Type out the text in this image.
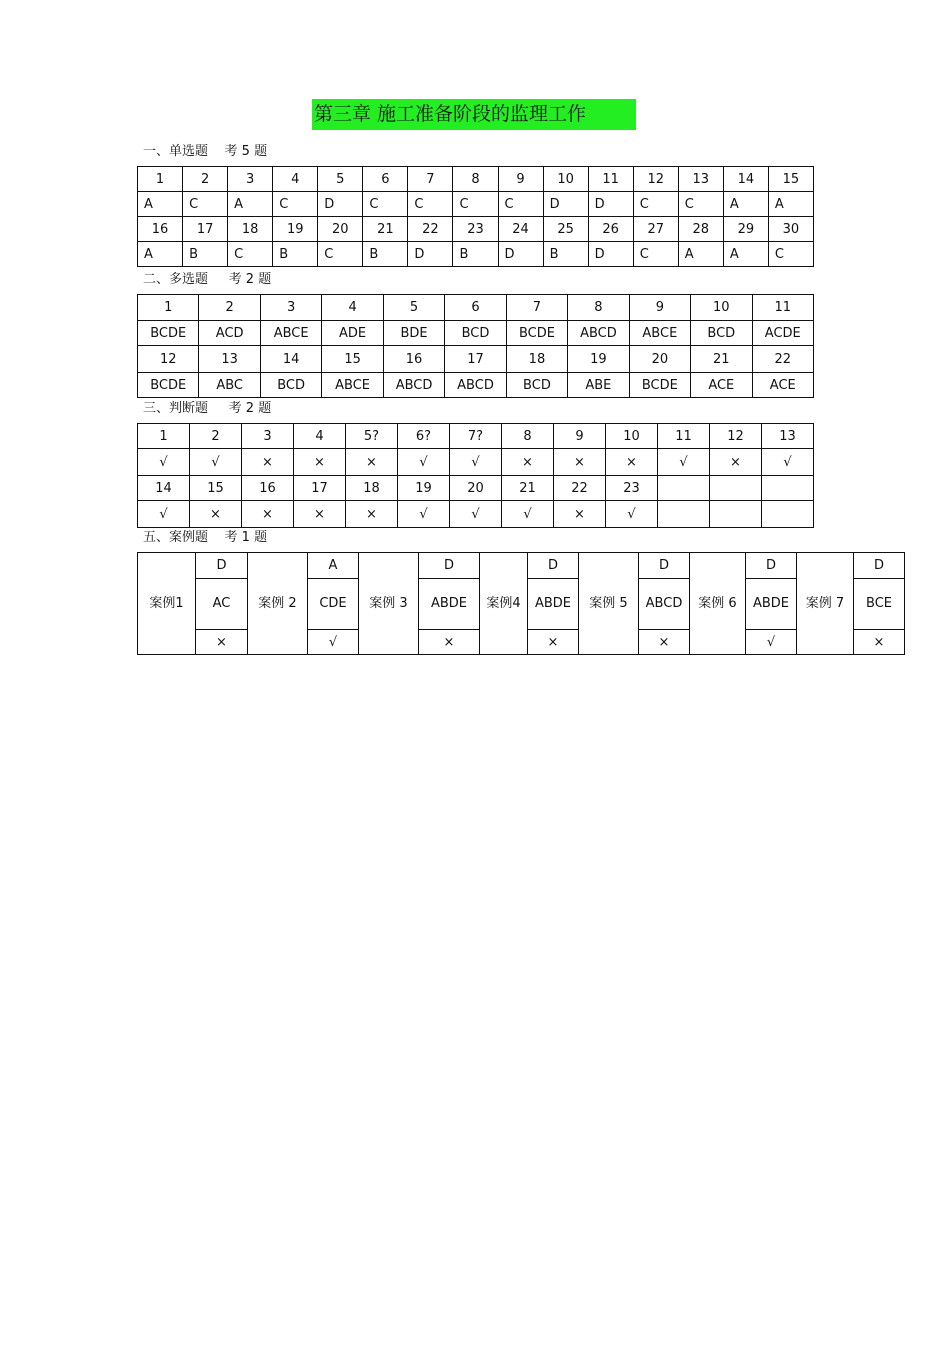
第三章 施工准备阶段的监理工作
一、单选题    考 5 题
1	2	3	4	5	6	7	8	9	10	11	12	13	14	15
A	C	A	C	D	C	C	C	C	D	D	C	C	A	A
16	17	18	19	20	21	22	23	24	25	26	27	28	29	30
A	B	C	B	C	B	D	B	D	B	D	C	A	A	C
二、多选题     考 2 题
1	2	3	4	5	6	7	8	9	10	11
BCDE	ACD	ABCE	ADE	BDE	BCD	BCDE	ABCD	ABCE	BCD	ACDE
12	13	14	15	16	17	18	19	20	21	22
BCDE	ABC	BCD	ABCE	ABCD	ABCD	BCD	ABE	BCDE	ACE	ACE
三、判断题     考 2 题
1	2	3	4	5?	6?	7?	8	9	10	11	12	13
√	√	×	×	×	√	√	×	×	×	√	×	√
14	15	16	17	18	19	20	21	22	23			
√	×	×	×	×	√	√	√	×	√			
五、案例题    考 1 题
案例1	D	案例 2	A	案例 3	D	案例4	D	案例 5	D	案例 6	D	案例 7	D
	AC		CDE		ABDE		ABDE		ABCD		ABDE		BCE
	×		√		×		×		×		√		×
